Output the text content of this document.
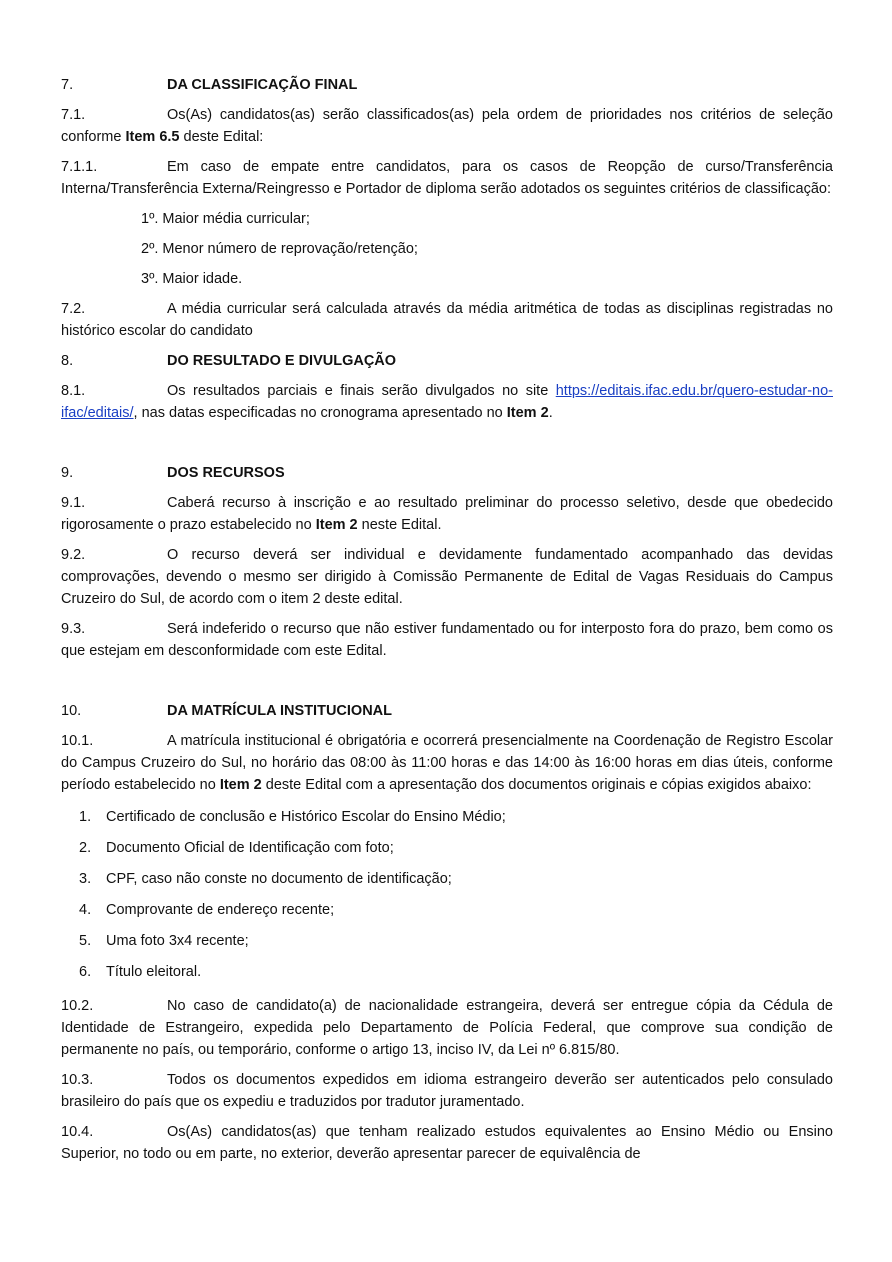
7.	DA CLASSIFICAÇÃO FINAL

7.1.	Os(As) candidatos(as) serão classificados(as) pela ordem de prioridades nos critérios de seleção conforme Item 6.5 deste Edital:

7.1.1.	Em caso de empate entre candidatos, para os casos de Reopção de curso/Transferência Interna/Transferência Externa/Reingresso e Portador de diploma serão adotados os seguintes critérios de classificação:

1º. Maior média curricular;
2º. Menor número de reprovação/retenção;
3º. Maior idade.

7.2.	A média curricular será calculada através da média aritmética de todas as disciplinas registradas no histórico escolar do candidato

8.	DO RESULTADO E DIVULGAÇÃO

8.1.	Os resultados parciais e finais serão divulgados no site https://editais.ifac.edu.br/quero-estudar-no-ifac/editais/, nas datas especificadas no cronograma apresentado no Item 2.

9.	DOS RECURSOS

9.1.	Caberá recurso à inscrição e ao resultado preliminar do processo seletivo, desde que obedecido rigorosamente o prazo estabelecido no Item 2 neste Edital.

9.2.	O recurso deverá ser individual e devidamente fundamentado acompanhado das devidas comprovações, devendo o mesmo ser dirigido à Comissão Permanente de Edital de Vagas Residuais do Campus Cruzeiro do Sul, de acordo com o item 2 deste edital.

9.3.	Será indeferido o recurso que não estiver fundamentado ou for interposto fora do prazo, bem como os que estejam em desconformidade com este Edital.

10.	DA MATRÍCULA INSTITUCIONAL

10.1.	A matrícula institucional é obrigatória e ocorrerá presencialmente na Coordenação de Registro Escolar do Campus Cruzeiro do Sul, no horário das 08:00 às 11:00 horas e das 14:00 às 16:00 horas em dias úteis, conforme período estabelecido no Item 2 deste Edital com a apresentação dos documentos originais e cópias exigidos abaixo:

1. Certificado de conclusão e Histórico Escolar do Ensino Médio;
2. Documento Oficial de Identificação com foto;
3. CPF, caso não conste no documento de identificação;
4. Comprovante de endereço recente;
5. Uma foto 3x4 recente;
6. Título eleitoral.

10.2.	No caso de candidato(a) de nacionalidade estrangeira, deverá ser entregue cópia da Cédula de Identidade de Estrangeiro, expedida pelo Departamento de Polícia Federal, que comprove sua condição de permanente no país, ou temporário, conforme o artigo 13, inciso IV, da Lei nº 6.815/80.

10.3.	Todos os documentos expedidos em idioma estrangeiro deverão ser autenticados pelo consulado brasileiro do país que os expediu e traduzidos por tradutor juramentado.

10.4.	Os(As) candidatos(as) que tenham realizado estudos equivalentes ao Ensino Médio ou Ensino Superior, no todo ou em parte, no exterior, deverão apresentar parecer de equivalência de
